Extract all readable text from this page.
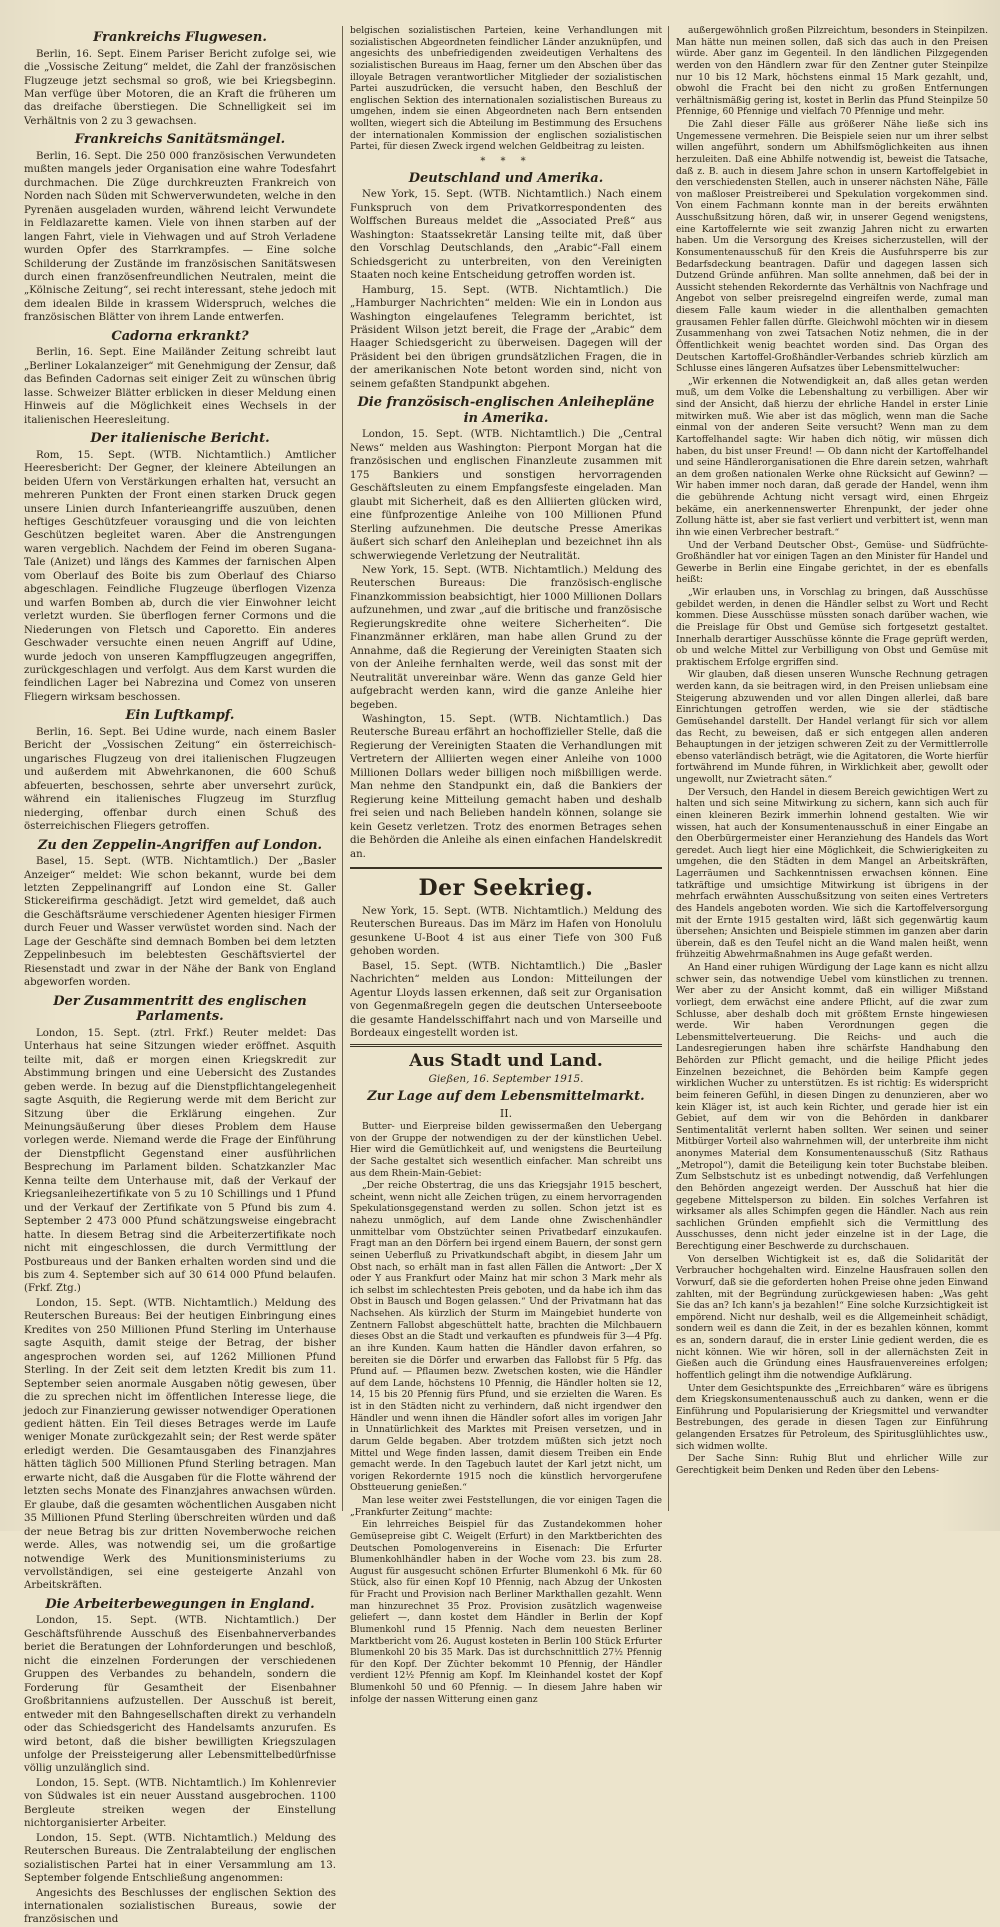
Frankreichs Flugwesen.

Berlin, 16. Sept. Einem Pariser Bericht zufolge sei, wie die „Vossische Zeitung“ meldet, die Zahl der französischen Flugzeuge jetzt sechsmal so groß, wie bei Kriegsbeginn. Man verfüge über Motoren, die an Kraft die früheren um das dreifache überstiegen. Die Schnelligkeit sei im Verhältnis von 2 zu 3 gewachsen.

Frankreichs Sanitätsmängel.

Berlin, 16. Sept. Die 250 000 französischen Verwundeten mußten mangels jeder Organisation eine wahre Todesfahrt durchmachen. Die Züge durchkreuzten Frankreich von Norden nach Süden mit Schwerverwundeten, welche in den Pyrenäen ausgeladen wurden, während leicht Verwundete in Feldlazarette kamen. Viele von ihnen starben auf der langen Fahrt, viele in Viehwagen und auf Stroh Verladene wurden Opfer des Starrkrampfes. — Eine solche Schilderung der Zustände im französischen Sanitätswesen durch einen französenfreundlichen Neutralen, meint die „Kölnische Zeitung“, sei recht interessant, stehe jedoch mit dem idealen Bilde in krassem Widerspruch, welches die französischen Blätter von ihrem Lande entwerfen.

Cadorna erkrankt?

Berlin, 16. Sept. Eine Mailänder Zeitung schreibt laut „Berliner Lokalanzeiger“ mit Genehmigung der Zensur, daß das Befinden Cadornas seit einiger Zeit zu wünschen übrig lasse. Schweizer Blätter erblicken in dieser Meldung einen Hinweis auf die Möglichkeit eines Wechsels in der italienischen Heeresleitung.

Der italienische Bericht.

Rom, 15. Sept. (WTB. Nichtamtlich.) Amtlicher Heeresbericht: Der Gegner, der kleinere Abteilungen an beiden Ufern von Verstärkungen erhalten hat, versucht an mehreren Punkten der Front einen starken Druck gegen unsere Linien durch Infanterieangriffe auszuüben, denen heftiges Geschützfeuer vorausging und die von leichten Geschützen begleitet waren. Aber die Anstrengungen waren vergeblich. Nachdem der Feind im oberen Sugana-Tale (Anizet) und längs des Kammes der farnischen Alpen vom Oberlauf des Boite bis zum Oberlauf des Chiarso abgeschlagen. Feindliche Flugzeuge überflogen Vizenza und warfen Bomben ab, durch die vier Einwohner leicht verletzt wurden. Sie überflogen ferner Cormons und die Niederungen von Fletsch und Caporetto. Ein anderes Geschwader versuchte einen neuen Angriff auf Udine, wurde jedoch von unseren Kampfflugzeugen angegriffen, zurückgeschlagen und verfolgt. Aus dem Karst wurden die feindlichen Lager bei Nabrezina und Comez von unseren Fliegern wirksam beschossen.

Ein Luftkampf.

Berlin, 16. Sept. Bei Udine wurde, nach einem Basler Bericht der „Vossischen Zeitung“ ein österreichisch-ungarisches Flugzeug von drei italienischen Flugzeugen und außerdem mit Abwehrkanonen, die 600 Schuß abfeuerten, beschossen, sehrte aber unversehrt zurück, während ein italienisches Flugzeug im Sturzflug niederging, offenbar durch einen Schuß des österreichischen Fliegers getroffen.

Zu den Zeppelin-Angriffen auf London.

Basel, 15. Sept. (WTB. Nichtamtlich.) Der „Basler Anzeiger“ meldet: Wie schon bekannt, wurde bei dem letzten Zeppelinangriff auf London eine St. Galler Stickereifirma geschädigt. Jetzt wird gemeldet, daß auch die Geschäftsräume verschiedener Agenten hiesiger Firmen durch Feuer und Wasser verwüstet worden sind. Nach der Lage der Geschäfte sind demnach Bomben bei dem letzten Zeppelinbesuch im belebtesten Geschäftsviertel der Riesenstadt und zwar in der Nähe der Bank von England abgeworfen worden.

Der Zusammentritt des englischen Parlaments.

London, 15. Sept. (ztrl. Frkf.) Reuter meldet: Das Unterhaus hat seine Sitzungen wieder eröffnet. Asquith teilte mit, daß er morgen einen Kriegskredit zur Abstimmung bringen und eine Uebersicht des Zustandes geben werde. In bezug auf die Dienstpflichtangelegenheit sagte Asquith, die Regierung werde mit dem Bericht zur Sitzung über die Erklärung eingehen. Zur Meinungsäußerung über dieses Problem dem Hause vorlegen werde. Niemand werde die Frage der Einführung der Dienstpflicht Gegenstand einer ausführlichen Besprechung im Parlament bilden. Schatzkanzler Mac Kenna teilte dem Unterhause mit, daß der Verkauf der Kriegsanleihezertifikate von 5 zu 10 Schillings und 1 Pfund und der Verkauf der Zertifikate von 5 Pfund bis zum 4. September 2 473 000 Pfund schätzungsweise eingebracht hatte. In diesem Betrag sind die Arbeiterzertifikate noch nicht mit eingeschlossen, die durch Vermittlung der Postbureaus und der Banken erhalten worden sind und die bis zum 4. September sich auf 30 614 000 Pfund belaufen. (Frkf. Ztg.)

London, 15. Sept. (WTB. Nichtamtlich.) Meldung des Reuterschen Bureaus: Bei der heutigen Einbringung eines Kredites von 250 Millionen Pfund Sterling im Unterhause sagte Asquith, damit steige der Betrag, der bisher angesprochen worden sei, auf 1262 Millionen Pfund Sterling. In der Zeit seit dem letzten Kredit bis zum 11. September seien anormale Ausgaben nötig gewesen, über die zu sprechen nicht im öffentlichen Interesse liege, die jedoch zur Finanzierung gewisser notwendiger Operationen gedient hätten. Ein Teil dieses Betrages werde im Laufe weniger Monate zurückgezahlt sein; der Rest werde später erledigt werden. Die Gesamtausgaben des Finanzjahres hätten täglich 500 Millionen Pfund Sterling betragen. Man erwarte nicht, daß die Ausgaben für die Flotte während der letzten sechs Monate des Finanzjahres anwachsen würden. Er glaube, daß die gesamten wöchentlichen Ausgaben nicht 35 Millionen Pfund Sterling überschreiten würden und daß der neue Betrag bis zur dritten Novemberwoche reichen werde. Alles, was notwendig sei, um die großartige notwendige Werk des Munitionsministeriums zu vervollständigen, sei eine gesteigerte Anzahl von Arbeitskräften.

Die Arbeiterbewegungen in England.

London, 15. Sept. (WTB. Nichtamtlich.) Der Geschäftsführende Ausschuß des Eisenbahnerverbandes beriet die Beratungen der Lohnforderungen und beschloß, nicht die einzelnen Forderungen der verschiedenen Gruppen des Verbandes zu behandeln, sondern die Forderung für Gesamtheit der Eisenbahner Großbritanniens aufzustellen. Der Ausschuß ist bereit, entweder mit den Bahngesellschaften direkt zu verhandeln oder das Schiedsgericht des Handelsamts anzurufen. Es wird betont, daß die bisher bewilligten Kriegszulagen unfolge der Preissteigerung aller Lebensmittelbedürfnisse völlig unzulänglich sind.

London, 15. Sept. (WTB. Nichtamtlich.) Im Kohlenrevier von Südwales ist ein neuer Ausstand ausgebrochen. 1100 Bergleute streiken wegen der Einstellung nichtorganisierter Arbeiter.

London, 15. Sept. (WTB. Nichtamtlich.) Meldung des Reuterschen Bureaus. Die Zentralabteilung der englischen sozialistischen Partei hat in einer Versammlung am 13. September folgende Entschließung angenommen:

Angesichts des Beschlusses der englischen Sektion des internationalen sozialistischen Bureaus, sowie der französischen und

belgischen sozialistischen Parteien, keine Verhandlungen mit sozialistischen Abgeordneten feindlicher Länder anzuknüpfen, und angesichts des unbefriedigenden zweideutigen Verhaltens des sozialistischen Bureaus im Haag, ferner um den Abschen über das illoyale Betragen verantwortlicher Mitglieder der sozialistischen Partei auszudrücken, die versucht haben, den Beschluß der englischen Sektion des internationalen sozialistischen Bureaus zu umgehen, indem sie einen Abgeordneten nach Bern entsenden wollten, wiegert sich die Abteilung im Bestimmung des Ersuchens der internationalen Kommission der englischen sozialistischen Partei, für diesen Zweck irgend welchen Geldbeitrag zu leisten.

* * *
Deutschland und Amerika.

New York, 15. Sept. (WTB. Nichtamtlich.) Nach einem Funkspruch von dem Privatkorrespondenten des Wolffschen Bureaus meldet die „Associated Preß“ aus Washington: Staatssekretär Lansing teilte mit, daß über den Vorschlag Deutschlands, den „Arabic“-Fall einem Schiedsgericht zu unterbreiten, von den Vereinigten Staaten noch keine Entscheidung getroffen worden ist.

Hamburg, 15. Sept. (WTB. Nichtamtlich.) Die „Hamburger Nachrichten“ melden: Wie ein in London aus Washington eingelaufenes Telegramm berichtet, ist Präsident Wilson jetzt bereit, die Frage der „Arabic“ dem Haager Schiedsgericht zu überweisen. Dagegen will der Präsident bei den übrigen grundsätzlichen Fragen, die in der amerikanischen Note betont worden sind, nicht von seinem gefaßten Standpunkt abgehen.

Die französisch-englischen Anleihepläne in Amerika.

London, 15. Sept. (WTB. Nichtamtlich.) Die „Central News“ melden aus Washington: Pierpont Morgan hat die französischen und englischen Finanzleute zusammen mit 175 Bankiers und sonstigen hervorragenden Geschäftsleuten zu einem Empfangsfeste eingeladen. Man glaubt mit Sicherheit, daß es den Alliierten glücken wird, eine fünfprozentige Anleihe von 100 Millionen Pfund Sterling aufzunehmen. Die deutsche Presse Amerikas äußert sich scharf den Anleiheplan und bezeichnet ihn als schwerwiegende Verletzung der Neutralität.

New York, 15. Sept. (WTB. Nichtamtlich.) Meldung des Reuterschen Bureaus: Die französisch-englische Finanzkommission beabsichtigt, hier 1000 Millionen Dollars aufzunehmen, und zwar „auf die britische und französische Regierungskredite ohne weitere Sicherheiten“. Die Finanzmänner erklären, man habe allen Grund zu der Annahme, daß die Regierung der Vereinigten Staaten sich von der Anleihe fernhalten werde, weil das sonst mit der Neutralität unvereinbar wäre. Wenn das ganze Geld hier aufgebracht werden kann, wird die ganze Anleihe hier begeben.

Washington, 15. Sept. (WTB. Nichtamtlich.) Das Reutersche Bureau erfährt an hochoffizieller Stelle, daß die Regierung der Vereinigten Staaten die Verhandlungen mit Vertretern der Alliierten wegen einer Anleihe von 1000 Millionen Dollars weder billigen noch mißbilligen werde. Man nehme den Standpunkt ein, daß die Bankiers der Regierung keine Mitteilung gemacht haben und deshalb frei seien und nach Belieben handeln können, solange sie kein Gesetz verletzen. Trotz des enormen Betrages sehen die Behörden die Anleihe als einen einfachen Handelskredit an.

Der Seekrieg.

New York, 15. Sept. (WTB. Nichtamtlich.) Meldung des Reuterschen Bureaus. Das im März im Hafen von Honolulu gesunkene U-Boot 4 ist aus einer Tiefe von 300 Fuß gehoben worden.

Basel, 15. Sept. (WTB. Nichtamtlich.) Die „Basler Nachrichten“ melden aus London: Mitteilungen der Agentur Lloyds lassen erkennen, daß seit zur Organisation von Gegenmaßregeln gegen die deutschen Unterseeboote die gesamte Handelsschiffahrt nach und von Marseille und Bordeaux eingestellt worden ist.

Aus Stadt und Land.
Gießen, 16. September 1915.
Zur Lage auf dem Lebensmittelmarkt.
II.

Butter- und Eierpreise bilden gewissermaßen den Uebergang von der Gruppe der notwendigen zu der der künstlichen Uebel. Hier wird die Gemütlichkeit auf, und wenigstens die Beurteilung der Sache gestaltet sich wesentlich einfacher. Man schreibt uns aus dem Rhein-Main-Gebiet:

„Der reiche Obstertrag, die uns das Kriegsjahr 1915 beschert, scheint, wenn nicht alle Zeichen trügen, zu einem hervorragenden Spekulationsgegenstand werden zu sollen. Schon jetzt ist es nahezu unmöglich, auf dem Lande ohne Zwischenhändler unmittelbar vom Obstzüchter seinen Privatbedarf einzukaufen. Fragt man an den Dörfern bei irgend einem Bauern, der sonst gern seinen Ueberfluß zu Privatkundschaft abgibt, in diesem Jahr um Obst nach, so erhält man in fast allen Fällen die Antwort: „Der X oder Y aus Frankfurt oder Mainz hat mir schon 3 Mark mehr als ich selbst im schlechtesten Preis geboten, und da habe ich ihm das Obst in Bausch und Bogen gelassen.“ Und der Privatmann hat das Nachsehen. Als kürzlich der Sturm im Maingebiet hunderte von Zentnern Fallobst abgeschüttelt hatte, brachten die Milchbauern dieses Obst an die Stadt und verkauften es pfundweis für 3—4 Pfg. an ihre Kunden. Kaum hatten die Händler davon erfahren, so bereiten sie die Dörfer und erwarben das Fallobst für 5 Pfg. das Pfund auf. — Pflaumen bezw. Zwetschen kosten, wie die Händler auf dem Lande, höchstens 10 Pfennig, die Händler holten sie 12, 14, 15 bis 20 Pfennig fürs Pfund, und sie erzielten die Waren. Es ist in den Städten nicht zu verhindern, daß nicht irgendwer den Händler und wenn ihnen die Händler sofort alles im vorigen Jahr in Unnatürlichkeit des Marktes mit Preisen versetzen, und in darum Gelde begaben. Aber trotzdem müßten sich jetzt noch Mittel und Wege finden lassen, damit diesem Treiben ein Ende gemacht werde. In den Tagebuch lautet der Karl jetzt nicht, um vorigen Rekordernte 1915 noch die künstlich hervorgerufene Obstteuerung genießen.“

Man lese weiter zwei Feststellungen, die vor einigen Tagen die „Frankfurter Zeitung“ machte:

Ein lehrreiches Beispiel für das Zustandekommen hoher Gemüsepreise gibt C. Weigelt (Erfurt) in den Marktberichten des Deutschen Pomologenvereins in Eisenach: Die Erfurter Blumenkohlhändler haben in der Woche vom 23. bis zum 28. August für ausgesucht schönen Erfurter Blumenkohl 6 Mk. für 60 Stück, also für einen Kopf 10 Pfennig, nach Abzug der Unkosten für Fracht und Provision nach Berliner Markthallen gezahlt. Wenn man hinzurechnet 35 Proz. Provision zusätzlich wagenweise geliefert —, dann kostet dem Händler in Berlin der Kopf Blumenkohl rund 15 Pfennig. Nach dem neuesten Berliner Marktbericht vom 26. August kosteten in Berlin 100 Stück Erfurter Blumenkohl 20 bis 35 Mark. Das ist durchschnittlich 27½ Pfennig für den Kopf. Der Züchter bekommt 10 Pfennig, der Händler verdient 12½ Pfennig am Kopf. Im Kleinhandel kostet der Kopf Blumenkohl 50 und 60 Pfennig. — In diesem Jahre haben wir infolge der nassen Witterung einen ganz

außergewöhnlich großen Pilzreichtum, besonders in Steinpilzen. Man hätte nun meinen sollen, daß sich das auch in den Preisen würde. Aber ganz im Gegenteil. In den ländlichen Pilzgegenden werden von den Händlern zwar für den Zentner guter Steinpilze nur 10 bis 12 Mark, höchstens einmal 15 Mark gezahlt, und, obwohl die Fracht bei den nicht zu großen Entfernungen verhältnismäßig gering ist, kostet in Berlin das Pfund Steinpilze 50 Pfennige, 60 Pfennige und vielfach 70 Pfennige und mehr.

Die Zahl dieser Fälle aus größerer Nähe ließe sich ins Ungemessene vermehren. Die Beispiele seien nur um ihrer selbst willen angeführt, sondern um Abhilfsmöglichkeiten aus ihnen herzuleiten. Daß eine Abhilfe notwendig ist, beweist die Tatsache, daß z. B. auch in diesem Jahre schon in unsern Kartoffelgebiet in den verschiedensten Stellen, auch in unserer nächsten Nähe, Fälle von maßloser Preistreiberei und Spekulation vorgekommen sind. Von einem Fachmann konnte man in der bereits erwähnten Ausschußsitzung hören, daß wir, in unserer Gegend wenigstens, eine Kartoffelernte wie seit zwanzig Jahren nicht zu erwarten haben. Um die Versorgung des Kreises sicherzustellen, will der Konsumentenausschuß für den Kreis die Ausfuhrsperre bis zur Bedarfsdeckung beantragen. Dafür und dagegen lassen sich Dutzend Gründe anführen. Man sollte annehmen, daß bei der in Aussicht stehenden Rekordernte das Verhältnis von Nachfrage und Angebot von selber preisregelnd eingreifen werde, zumal man diesem Falle kaum wieder in die allenthalben gemachten grausamen Fehler fallen dürfte. Gleichwohl möchten wir in diesem Zusammenhang von zwei Tatsachen Notiz nehmen, die in der Öffentlichkeit wenig beachtet worden sind. Das Organ des Deutschen Kartoffel-Großhändler-Verbandes schrieb kürzlich am Schlusse eines längeren Aufsatzes über Lebensmittelwucher:

„Wir erkennen die Notwendigkeit an, daß alles getan werden muß, um dem Volke die Lebenshaltung zu verbilligen. Aber wir sind der Ansicht, daß hierzu der ehrliche Handel in erster Linie mitwirken muß. Wie aber ist das möglich, wenn man die Sache einmal von der anderen Seite versucht? Wenn man zu dem Kartoffelhandel sagte: Wir haben dich nötig, wir müssen dich haben, du bist unser Freund! — Ob dann nicht der Kartoffelhandel und seine Händlerorganisationen die Ehre darein setzen, wahrhaft an dem großen nationalen Werke ohne Rücksicht auf Gewinn? — Wir haben immer noch daran, daß gerade der Handel, wenn ihm die gebührende Achtung nicht versagt wird, einen Ehrgeiz bekäme, ein anerkennenswerter Ehrenpunkt, der jeder ohne Zollung hätte ist, aber sie fast verliert und verbittert ist, wenn man ihn wie einen Verbrecher bestraft.“

Und der Verband Deutscher Obst-, Gemüse- und Südfrüchte-Großhändler hat vor einigen Tagen an den Minister für Handel und Gewerbe in Berlin eine Eingabe gerichtet, in der es ebenfalls heißt:

„Wir erlauben uns, in Vorschlag zu bringen, daß Ausschüsse gebildet werden, in denen die Händler selbst zu Wort und Recht kommen. Diese Ausschüsse müssten sonach darüber wachen, wie die Preislage für Obst und Gemüse sich fortgesetzt gestaltet. Innerhalb derartiger Ausschüsse könnte die Frage geprüft werden, ob und welche Mittel zur Verbilligung von Obst und Gemüse mit praktischem Erfolge ergriffen sind.

Wir glauben, daß diesen unseren Wunsche Rechnung getragen werden kann, da sie beitragen wird, in den Preisen unliebsam eine Steigerung abzuwenden und vor allen Dingen allerlei, daß bare Einrichtungen getroffen werden, wie sie der städtische Gemüsehandel darstellt. Der Handel verlangt für sich vor allem das Recht, zu beweisen, daß er sich entgegen allen anderen Behauptungen in der jetzigen schweren Zeit zu der Vermittlerrolle ebenso vaterländisch beträgt, wie die Agitatoren, die Worte hierfür fortwährend im Munde führen, in Wirklichkeit aber, gewollt oder ungewollt, nur Zwietracht säten.“

Der Versuch, den Handel in diesem Bereich gewichtigen Wert zu halten und sich seine Mitwirkung zu sichern, kann sich auch für einen kleineren Bezirk immerhin lohnend gestalten. Wie wir wissen, hat auch der Konsumentenausschuß in einer Eingabe an den Oberbürgermeister einer Heranziehung des Handels das Wort geredet. Auch liegt hier eine Möglichkeit, die Schwierigkeiten zu umgehen, die den Städten in dem Mangel an Arbeitskräften, Lagerräumen und Sachkenntnissen erwachsen können. Eine tatkräftige und umsichtige Mitwirkung ist übrigens in der mehrfach erwähnten Ausschußsitzung von seiten eines Vertreters des Handels angeboten worden. Wie sich die Kartoffelversorgung mit der Ernte 1915 gestalten wird, läßt sich gegenwärtig kaum übersehen; Ansichten und Beispiele stimmen im ganzen aber darin überein, daß es den Teufel nicht an die Wand malen heißt, wenn frühzeitig Abwehrmaßnahmen ins Auge gefaßt werden.

An Hand einer ruhigen Würdigung der Lage kann es nicht allzu schwer sein, das notwendige Uebel vom künstlichen zu trennen. Wer aber zu der Ansicht kommt, daß ein williger Mißstand vorliegt, dem erwächst eine andere Pflicht, auf die zwar zum Schlusse, aber deshalb doch mit größtem Ernste hingewiesen werde. Wir haben Verordnungen gegen die Lebensmittelverteuerung. Die Reichs- und auch die Landesregierungen haben ihre schärfste Handhabung den Behörden zur Pflicht gemacht, und die heilige Pflicht jedes Einzelnen bezeichnet, die Behörden beim Kampfe gegen wirklichen Wucher zu unterstützen. Es ist richtig: Es widerspricht beim feineren Gefühl, in diesen Dingen zu denunzieren, aber wo kein Kläger ist, ist auch kein Richter, und gerade hier ist ein Gebiet, auf dem wir von die Behörden in dankbarer Sentimentalität verlernt haben sollten. Wer seinen und seiner Mitbürger Vorteil also wahrnehmen will, der unterbreite ihm nicht anonymes Material dem Konsumentenausschuß (Sitz Rathaus „Metropol“), damit die Beteiligung kein toter Buchstabe bleiben. Zum Selbstschutz ist es unbedingt notwendig, daß Verfehlungen den Behörden angezeigt werden. Der Ausschuß hat hier die gegebene Mittelsperson zu bilden. Ein solches Verfahren ist wirksamer als alles Schimpfen gegen die Händler. Nach aus rein sachlichen Gründen empfiehlt sich die Vermittlung des Ausschusses, denn nicht jeder einzelne ist in der Lage, die Berechtigung einer Beschwerde zu durchschauen.

Von derselben Wichtigkeit ist es, daß die Solidarität der Verbraucher hochgehalten wird. Einzelne Hausfrauen sollen den Vorwurf, daß sie die geforderten hohen Preise ohne jeden Einwand zahlten, mit der Begründung zurückgewiesen haben: „Was geht Sie das an? Ich kann's ja bezahlen!“ Eine solche Kurzsichtigkeit ist empörend. Nicht nur deshalb, weil es die Allgemeinheit schädigt, sondern weil es dann die Zeit, in der es bezahlen können, kommt es an, sondern darauf, die in erster Linie gedient werden, die es nicht können. Wie wir hören, soll in der allernächsten Zeit in Gießen auch die Gründung eines Hausfrauenvereines erfolgen; hoffentlich gelingt ihm die notwendige Aufklärung.

Unter dem Gesichtspunkte des „Erreichbaren“ wäre es übrigens dem Kriegskonsumentenausschuß auch zu danken, wenn er die Einführung und Popularisierung der Kriegsmittel und verwandter Bestrebungen, des gerade in diesen Tagen zur Einführung gelangenden Ersatzes für Petroleum, des Spiritusglühlichtes usw., sich widmen wollte.

Der Sache Sinn: Ruhig Blut und ehrlicher Wille zur Gerechtigkeit beim Denken und Reden über den Lebens-
